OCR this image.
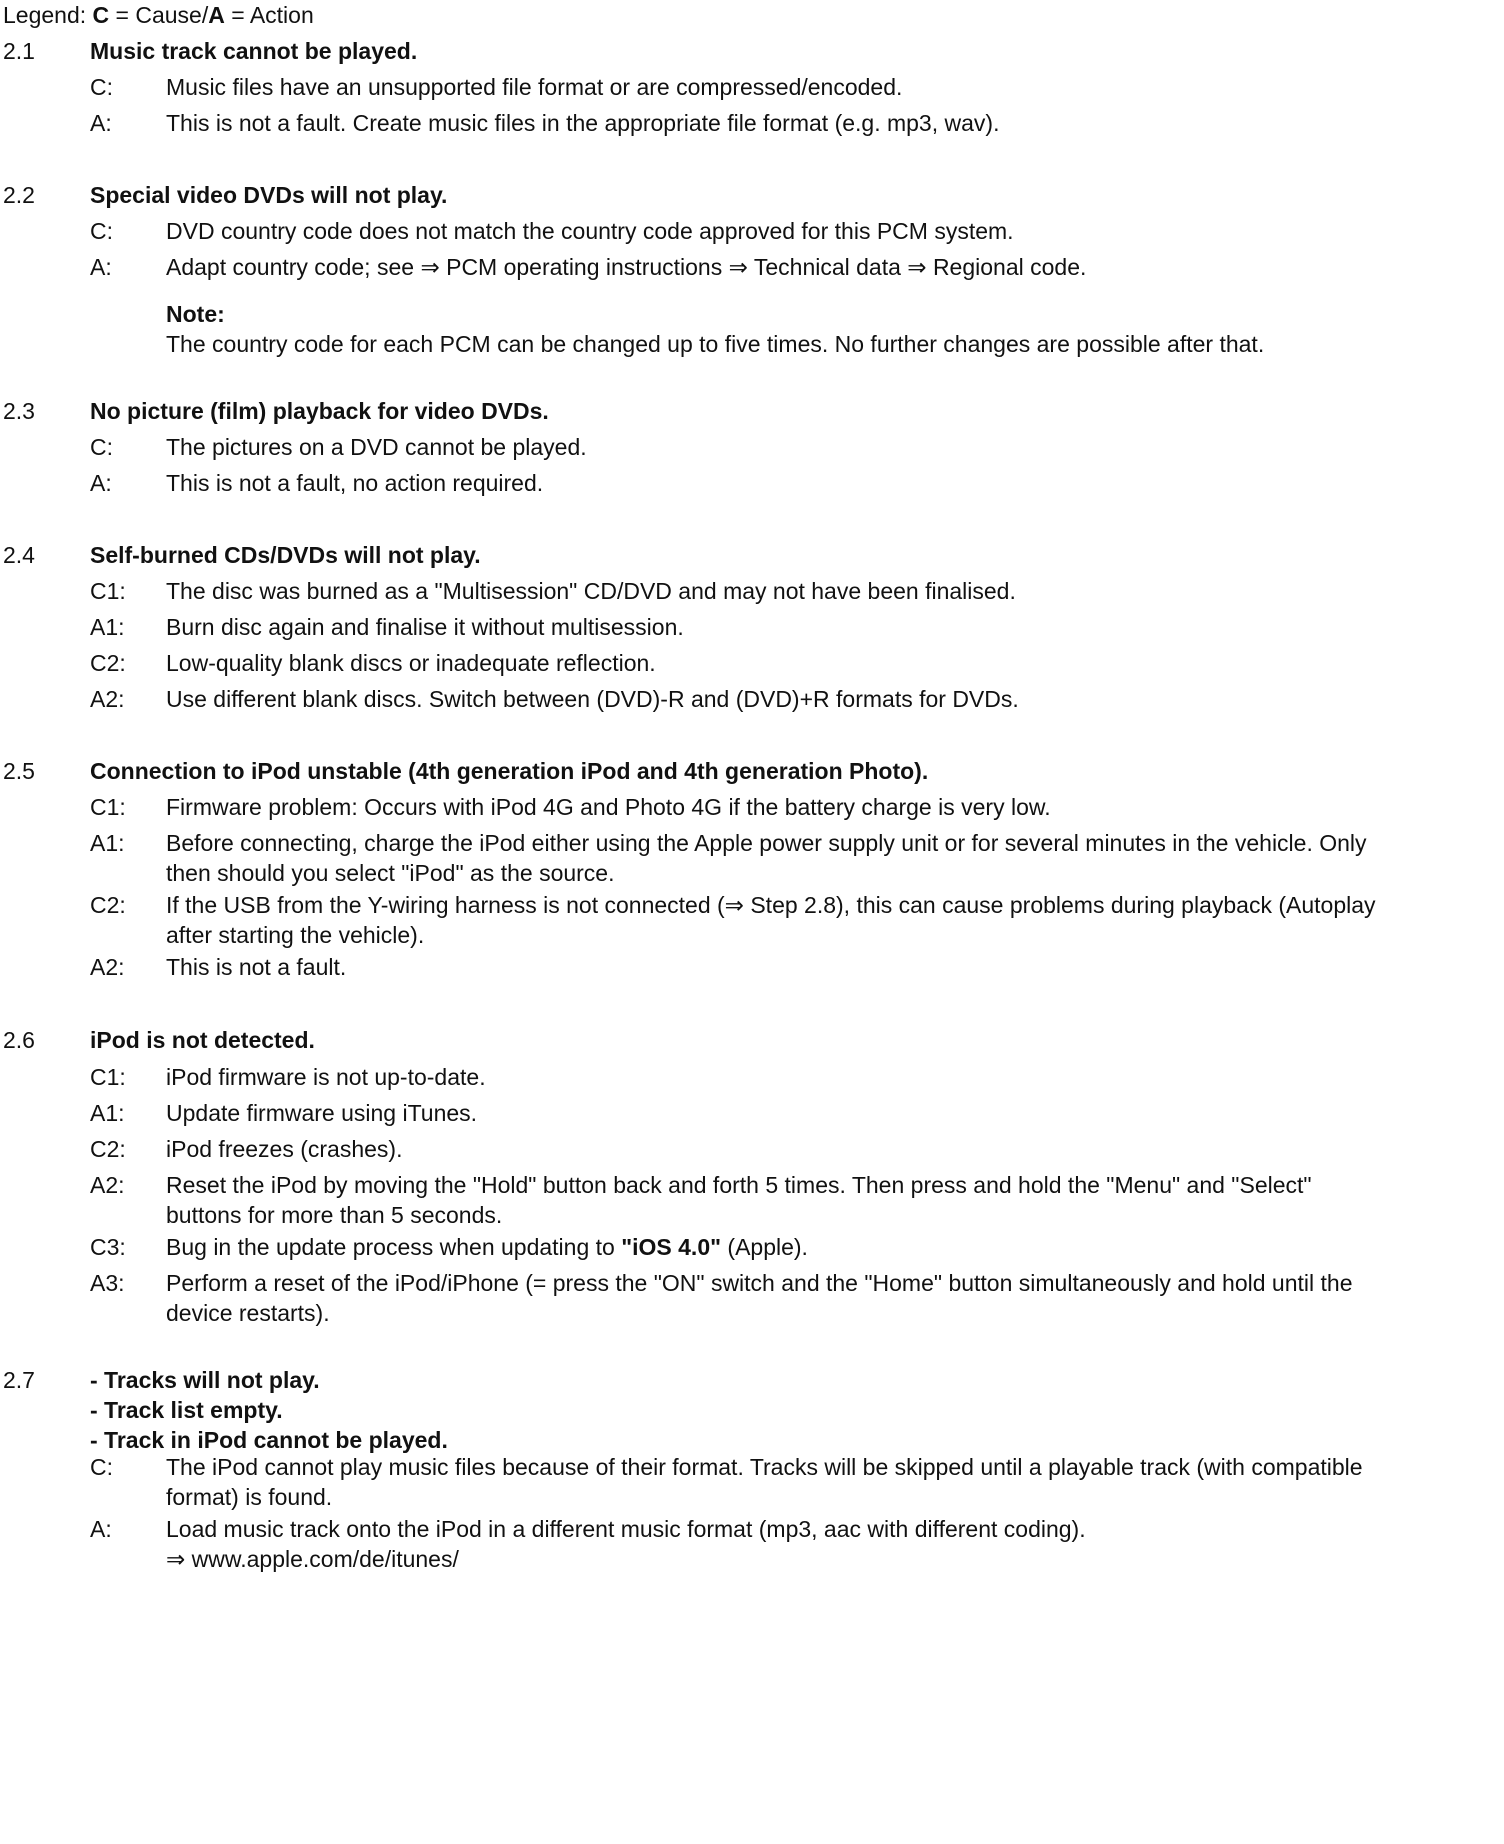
Legend: C = Cause/A = Action
2.1 Music track cannot be played.
C: Music files have an unsupported file format or are compressed/encoded.
A: This is not a fault. Create music files in the appropriate file format (e.g. mp3, wav).
2.2 Special video DVDs will not play.
C: DVD country code does not match the country code approved for this PCM system.
A: Adapt country code; see ⇒ PCM operating instructions ⇒ Technical data ⇒ Regional code.
Note:
The country code for each PCM can be changed up to five times. No further changes are possible after that.
2.3 No picture (film) playback for video DVDs.
C: The pictures on a DVD cannot be played.
A: This is not a fault, no action required.
2.4 Self-burned CDs/DVDs will not play.
C1: The disc was burned as a "Multisession" CD/DVD and may not have been finalised.
A1: Burn disc again and finalise it without multisession.
C2: Low-quality blank discs or inadequate reflection.
A2: Use different blank discs. Switch between (DVD)-R and (DVD)+R formats for DVDs.
2.5 Connection to iPod unstable (4th generation iPod and 4th generation Photo).
C1: Firmware problem: Occurs with iPod 4G and Photo 4G if the battery charge is very low.
A1: Before connecting, charge the iPod either using the Apple power supply unit or for several minutes in the vehicle. Only
then should you select "iPod" as the source.
C2: If the USB from the Y-wiring harness is not connected (⇒ Step 2.8), this can cause problems during playback (Autoplay
after starting the vehicle).
A2: This is not a fault.
2.6 iPod is not detected.
C1: iPod firmware is not up-to-date.
A1: Update firmware using iTunes.
C2: iPod freezes (crashes).
A2: Reset the iPod by moving the "Hold" button back and forth 5 times. Then press and hold the "Menu" and "Select"
buttons for more than 5 seconds.
C3: Bug in the update process when updating to "iOS 4.0" (Apple).
A3: Perform a reset of the iPod/iPhone (= press the "ON" switch and the "Home" button simultaneously and hold until the
device restarts).
2.7 - Tracks will not play.
- Track list empty.
- Track in iPod cannot be played.
C: The iPod cannot play music files because of their format. Tracks will be skipped until a playable track (with compatible
format) is found.
A: Load music track onto the iPod in a different music format (mp3, aac with different coding).
⇒ www.apple.com/de/itunes/
